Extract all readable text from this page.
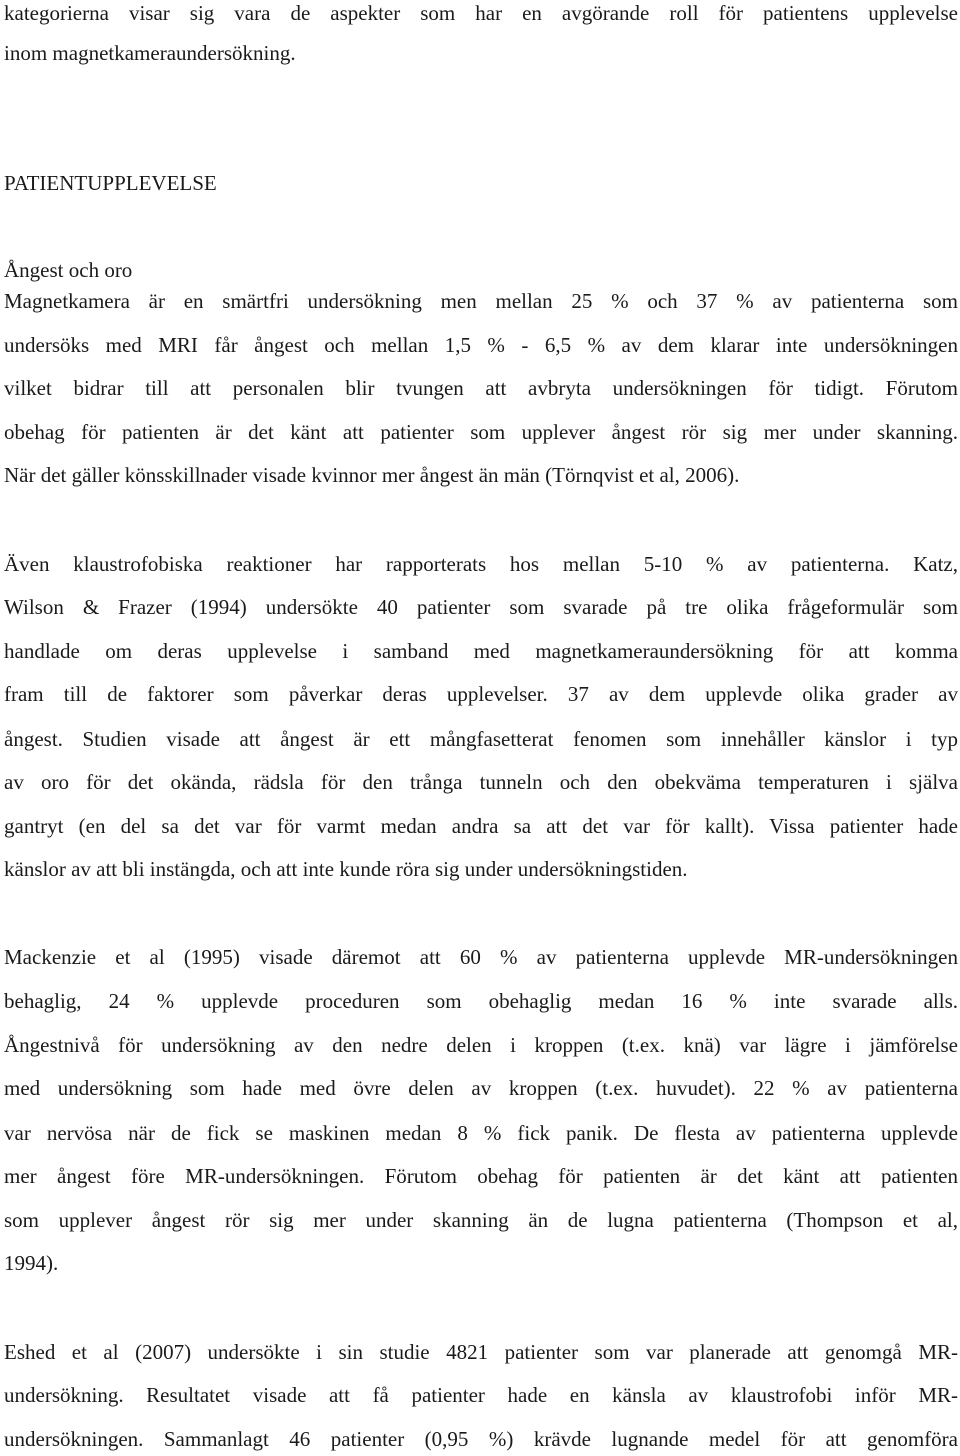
kategorierna visar sig vara de aspekter som har en avgörande roll för patientens upplevelse
inom magnetkameraundersökning.
PATIENTUPPLEVELSE
Ångest och oro
Magnetkamera är en smärtfri undersökning men mellan 25 % och 37 % av patienterna som
undersöks med MRI får ångest och mellan 1,5 % - 6,5 % av dem klarar inte undersökningen
vilket bidrar till att personalen blir tvungen att avbryta undersökningen för tidigt. Förutom
obehag för patienten är det känt att patienter som upplever ångest rör sig mer under skanning.
När det gäller könsskillnader visade kvinnor mer ångest än män (Törnqvist et al, 2006).
Även klaustrofobiska reaktioner har rapporterats hos mellan 5-10 % av patienterna. Katz,
Wilson & Frazer (1994) undersökte 40 patienter som svarade på tre olika frågeformulär som
handlade om deras upplevelse i samband med magnetkameraundersökning för att komma
fram till de faktorer som påverkar deras upplevelser. 37 av dem upplevde olika grader av
ångest. Studien visade att ångest är ett mångfasetterat fenomen som innehåller känslor i typ
av oro för det okända, rädsla för den trånga tunneln och den obekväma temperaturen i själva
gantryt (en del sa det var för varmt medan andra sa att det var för kallt). Vissa patienter hade
känslor av att bli instängda, och att inte kunde röra sig under undersökningstiden.
Mackenzie et al (1995) visade däremot att 60 % av patienterna upplevde MR-undersökningen
behaglig, 24 % upplevde proceduren som obehaglig medan 16 % inte svarade alls.
Ångestnivå för undersökning av den nedre delen i kroppen (t.ex. knä) var lägre i jämförelse
med undersökning som hade med övre delen av kroppen (t.ex. huvudet). 22 % av patienterna
var nervösa när de fick se maskinen medan 8 % fick panik. De flesta av patienterna upplevde
mer ångest före MR-undersökningen. Förutom obehag för patienten är det känt att patienten
som upplever ångest rör sig mer under skanning än de lugna patienterna (Thompson et al,
1994).
Eshed et al (2007) undersökte i sin studie 4821 patienter som var planerade att genomgå MR-
undersökning. Resultatet visade att få patienter hade en känsla av klaustrofobi inför MR-
undersökningen. Sammanlagt 46 patienter (0,95 %) krävde lugnande medel för att genomföra
